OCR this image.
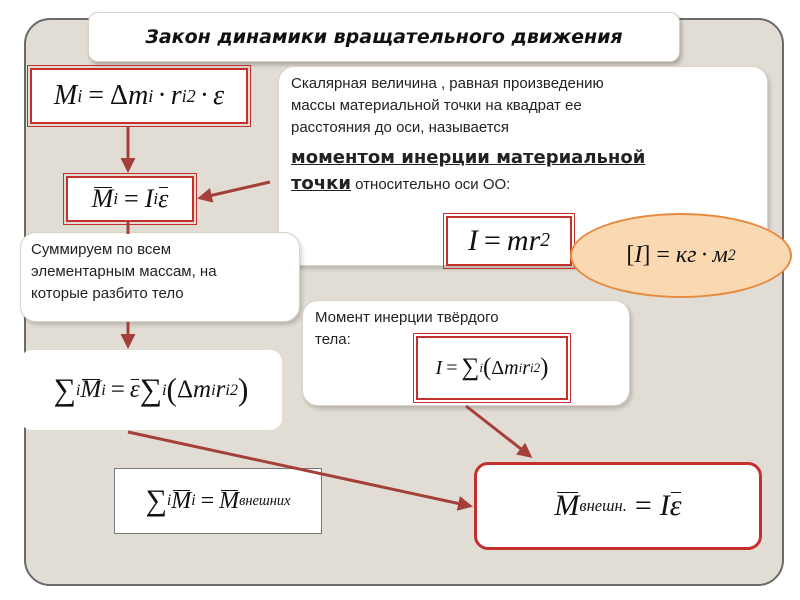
Закон динамики вращательного движения
Скалярная величина , равная произведению
массы материальной точки на квадрат ее
расстояния до оси, называется
моментом инерции материальной
точки относительно оси ОО:
Суммируем по всем
элементарным массам, на
которые разбито тело
Момент инерции твёрдого
тела:
M i = Δ m i · r i 2 · ε
M i = I i ε
I = mr 2
[ I ] = кг · м 2
∑ i M i = ε ∑ i ( Δ m i r i 2 )
I = ∑ i ( Δ m i r i 2 )
∑ i M i = M внешних	M внешн. = I ε
